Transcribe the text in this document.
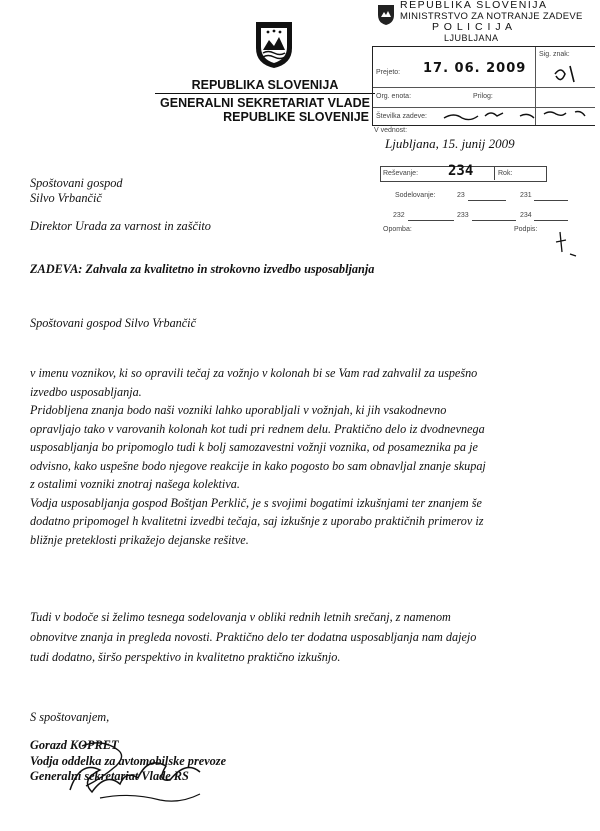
REPUBLIKA SLOVENIJA
GENERALNI SEKRETARIAT VLADE
REPUBLIKE SLOVENIJE
REPUBLIKA SLOVENIJA
MINISTRSTVO ZA NOTRANJE ZADEVE
P O L I C I J A
LJUBLJANA
Prejeto: 17. 06. 2009
Sig. znak:
Org. enota:	Prilog:
Številka zadeve:
V vednost:
Ljubljana, 15. junij 2009
Reševanje: 234	Rok:
Sodelovanje:	23	231
232	233	234
Opomba:	Podpis:
Spoštovani gospod
Silvo Vrbančič
Direktor Urada za varnost in zaščito
ZADEVA: Zahvala za kvalitetno in strokovno izvedbo usposabljanja
Spoštovani gospod Silvo Vrbančič
v imenu voznikov, ki so opravili tečaj za vožnjo v kolonah bi se Vam rad zahvalil za uspešno
izvedbo usposabljanja.
Pridobljena znanja bodo naši vozniki lahko uporabljali v vožnjah, ki jih vsakodnevno
opravljajo tako v varovanih kolonah kot tudi pri rednem delu. Praktično delo iz dvodnevnega
usposabljanja bo pripomoglo tudi k bolj samozavestni vožnji voznika, od posameznika pa je
odvisno, kako uspešne bodo njegove reakcije in kako pogosto bo sam obnavljal znanje skupaj
z ostalimi vozniki znotraj našega kolektiva.
Vodja usposabljanja gospod Boštjan Perklič, je s svojimi bogatimi izkušnjami ter znanjem še
dodatno pripomogel h kvalitetni izvedbi tečaja, saj izkušnje z uporabo praktičnih primerov iz
bližnje preteklosti prikažejo dejanske rešitve.
Tudi v bodoče si želimo tesnega sodelovanja v obliki rednih letnih srečanj, z namenom
obnovitve znanja in pregleda novosti. Praktično delo ter dodatna usposabljanja nam dajejo
tudi dodatno, širšo perspektivo in kvalitetno praktično izkušnjo.
S spoštovanjem,
Gorazd KOPRET
Vodja oddelka za avtomobilske prevoze
Generalni sekretariat Vlade RS
